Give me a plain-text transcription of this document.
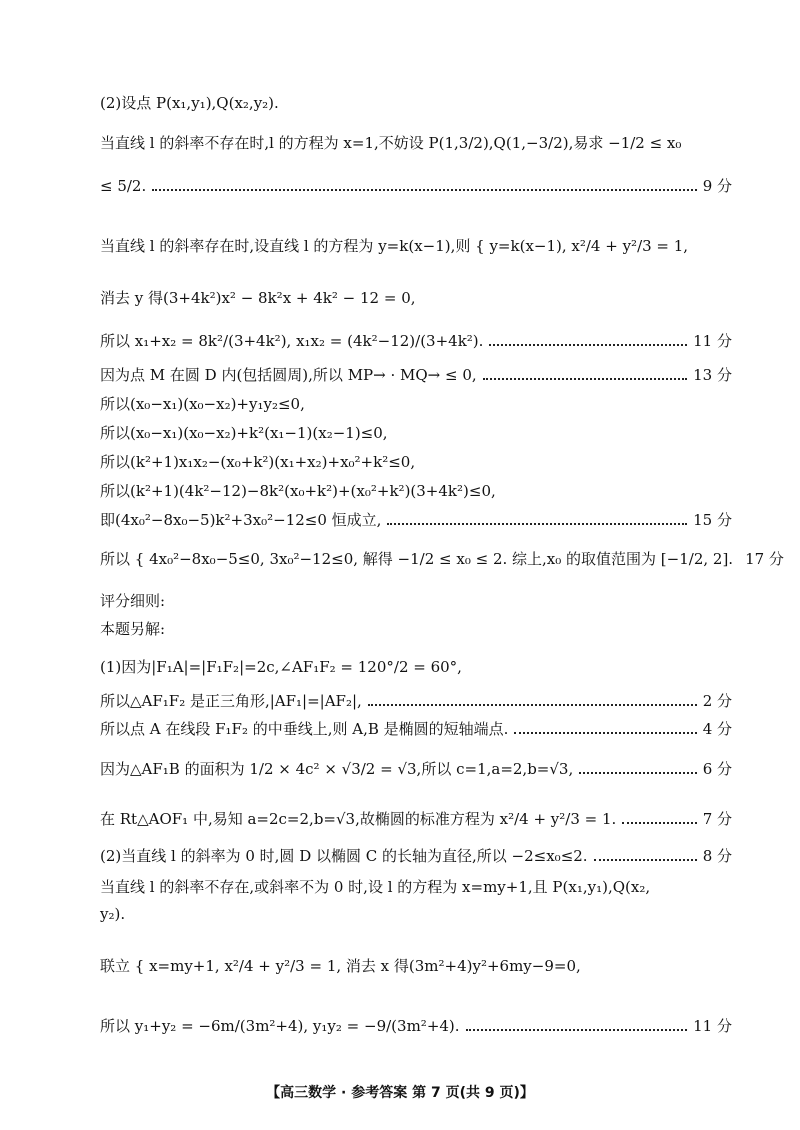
(2)设点 P(x₁,y₁),Q(x₂,y₂).
当直线 l 的斜率不存在时,l 的方程为 x=1,不妨设 P(1,3/2),Q(1,−3/2),易求 −1/2 ≤ x₀
≤ 5/2.	9 分
当直线 l 的斜率存在时,设直线 l 的方程为 y=k(x−1),则 { y=k(x−1), x²/4 + y²/3 = 1,
消去 y 得(3+4k²)x² − 8k²x + 4k² − 12 = 0,
所以 x₁+x₂ = 8k²/(3+4k²), x₁x₂ = (4k²−12)/(3+4k²).	11 分
因为点 M 在圆 D 内(包括圆周),所以 MP→ · MQ→ ≤ 0,	13 分
所以(x₀−x₁)(x₀−x₂)+y₁y₂≤0,
所以(x₀−x₁)(x₀−x₂)+k²(x₁−1)(x₂−1)≤0,
所以(k²+1)x₁x₂−(x₀+k²)(x₁+x₂)+x₀²+k²≤0,
所以(k²+1)(4k²−12)−8k²(x₀+k²)+(x₀²+k²)(3+4k²)≤0,
即(4x₀²−8x₀−5)k²+3x₀²−12≤0 恒成立,	15 分
所以 { 4x₀²−8x₀−5≤0, 3x₀²−12≤0, 解得 −1/2 ≤ x₀ ≤ 2. 综上,x₀ 的取值范围为 [−1/2, 2]. 17 分
评分细则:
本题另解:
(1)因为|F₁A|=|F₁F₂|=2c,∠AF₁F₂ = 120°/2 = 60°,
所以△AF₁F₂ 是正三角形,|AF₁|=|AF₂|,	2 分
所以点 A 在线段 F₁F₂ 的中垂线上,则 A,B 是椭圆的短轴端点.	4 分
因为△AF₁B 的面积为 1/2 × 4c² × √3/2 = √3,所以 c=1,a=2,b=√3,	6 分
在 Rt△AOF₁ 中,易知 a=2c=2,b=√3,故椭圆的标准方程为 x²/4 + y²/3 = 1.	7 分
(2)当直线 l 的斜率为 0 时,圆 D 以椭圆 C 的长轴为直径,所以 −2≤x₀≤2.	8 分
当直线 l 的斜率不存在,或斜率不为 0 时,设 l 的方程为 x=my+1,且 P(x₁,y₁),Q(x₂,
y₂).
联立 { x=my+1, x²/4 + y²/3 = 1, 消去 x 得(3m²+4)y²+6my−9=0,
所以 y₁+y₂ = −6m/(3m²+4), y₁y₂ = −9/(3m²+4).	11 分
【高三数学 · 参考答案 第 7 页(共 9 页)】
